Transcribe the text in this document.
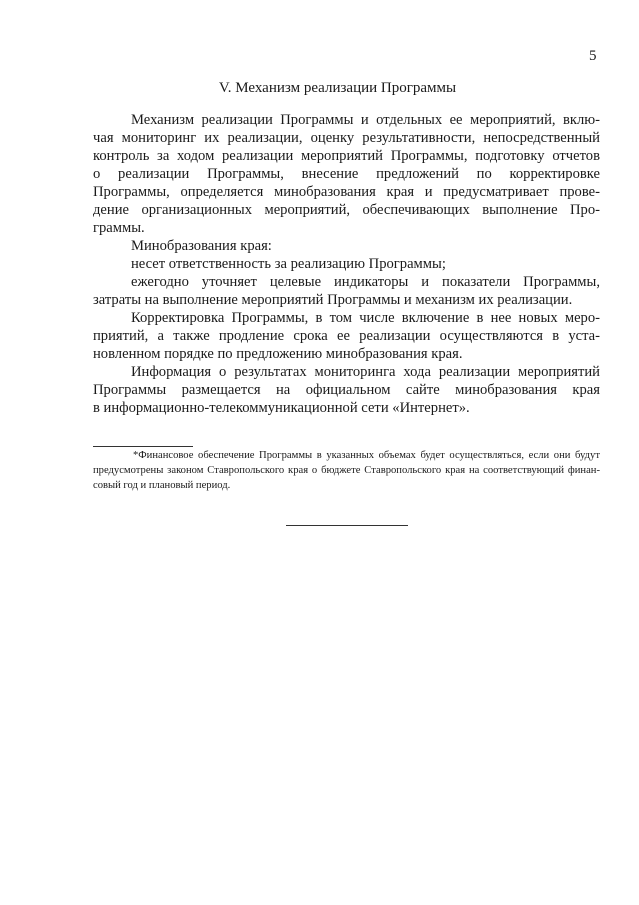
5
V. Механизм реализации Программы
Механизм реализации Программы и отдельных ее мероприятий, вклю-
чая мониторинг их реализации, оценку результативности, непосредственный
контроль за ходом реализации мероприятий Программы, подготовку отчетов
о реализации Программы, внесение предложений по корректировке
Программы, определяется минобразования края и предусматривает прове-
дение организационных мероприятий, обеспечивающих выполнение Про-
граммы.
Минобразования края:
несет ответственность за реализацию Программы;
ежегодно уточняет целевые индикаторы и показатели Программы,
затраты на выполнение мероприятий Программы и механизм их реализации.
Корректировка Программы, в том числе включение в нее новых меро-
приятий, а также продление срока ее реализации осуществляются в уста-
новленном порядке по предложению минобразования края.
Информация о результатах мониторинга хода реализации мероприятий
Программы размещается на официальном сайте минобразования края
в информационно-телекоммуникационной сети «Интернет».
*Финансовое обеспечение Программы в указанных объемах будет осуществляться, если они будут
предусмотрены законом Ставропольского края о бюджете Ставропольского края на соответствующий финан-
совый год и плановый период.
